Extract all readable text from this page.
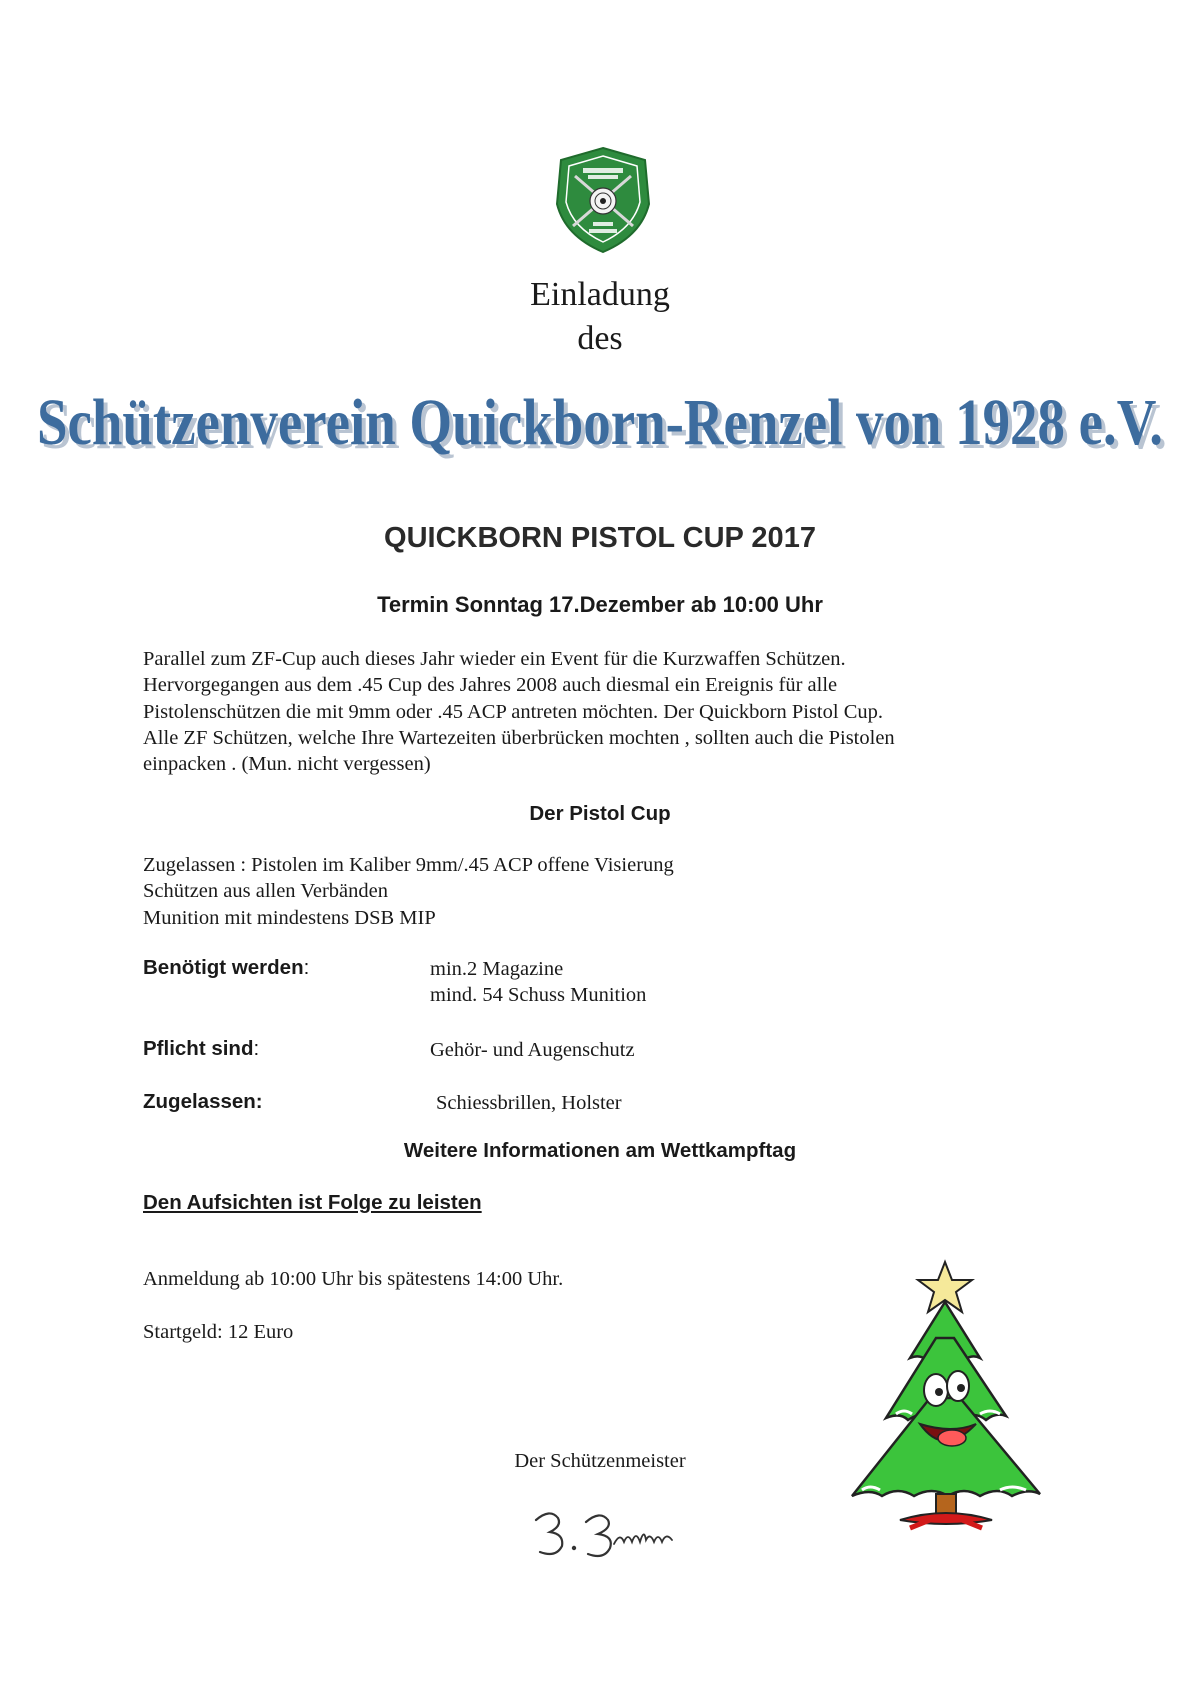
Einladung
des
Schützenverein Quickborn-Renzel von 1928 e.V.
Schützenverein Quickborn-Renzel von 1928 e.V.
QUICKBORN PISTOL CUP 2017
Termin Sonntag 17.Dezember ab 10:00 Uhr
Parallel zum ZF-Cup auch dieses Jahr wieder ein Event für die Kurzwaffen Schützen.
Hervorgegangen aus dem .45 Cup des Jahres 2008 auch diesmal ein Ereignis für alle
Pistolenschützen die mit 9mm oder .45 ACP antreten möchten. Der Quickborn Pistol Cup.
Alle ZF Schützen, welche Ihre Wartezeiten überbrücken mochten , sollten auch die Pistolen
einpacken . (Mun. nicht vergessen)
Der Pistol Cup
Zugelassen : Pistolen im Kaliber 9mm/.45 ACP offene Visierung
Schützen aus allen Verbänden
Munition mit mindestens DSB MIP
Benötigt werden:	min.2 Magazine
mind. 54 Schuss Munition
Pflicht sind:	Gehör- und Augenschutz
Zugelassen:	Schiessbrillen, Holster
Weitere Informationen am Wettkampftag
Den Aufsichten ist Folge zu leisten
Anmeldung ab 10:00 Uhr bis spätestens 14:00 Uhr.
Startgeld: 12 Euro
Der Schützenmeister
